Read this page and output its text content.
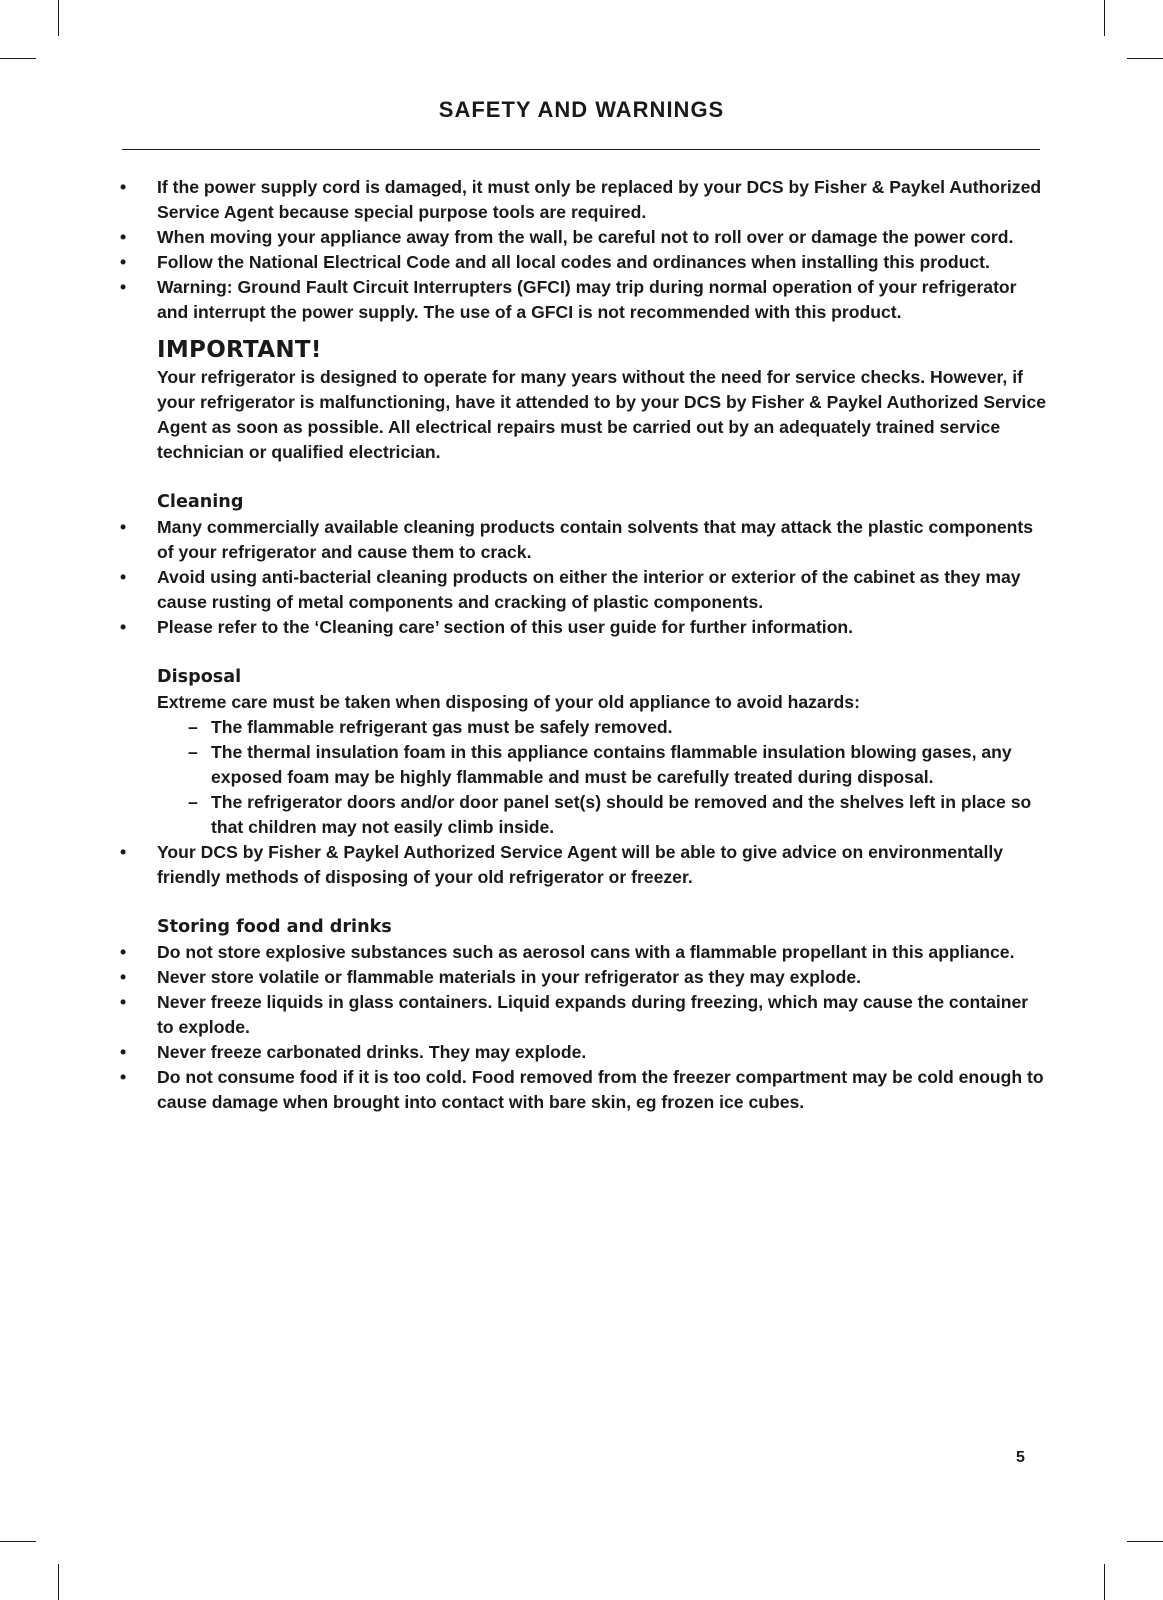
SAFETY AND WARNINGS
• If the power supply cord is damaged, it must only be replaced by your DCS by Fisher & Paykel Authorized Service Agent because special purpose tools are required.
• When moving your appliance away from the wall, be careful not to roll over or damage the power cord.
• Follow the National Electrical Code and all local codes and ordinances when installing this product.
• Warning: Ground Fault Circuit Interrupters (GFCI) may trip during normal operation of your refrigerator and interrupt the power supply. The use of a GFCI is not recommended with this product.
IMPORTANT!
Your refrigerator is designed to operate for many years without the need for service checks. However, if your refrigerator is malfunctioning, have it attended to by your DCS by Fisher & Paykel Authorized Service Agent as soon as possible. All electrical repairs must be carried out by an adequately trained service technician or qualified electrician.
Cleaning
• Many commercially available cleaning products contain solvents that may attack the plastic components of your refrigerator and cause them to crack.
• Avoid using anti-bacterial cleaning products on either the interior or exterior of the cabinet as they may cause rusting of metal components and cracking of plastic components.
• Please refer to the ‘Cleaning care’ section of this user guide for further information.
Disposal
Extreme care must be taken when disposing of your old appliance to avoid hazards:
– The flammable refrigerant gas must be safely removed.
– The thermal insulation foam in this appliance contains flammable insulation blowing gases, any exposed foam may be highly flammable and must be carefully treated during disposal.
– The refrigerator doors and/or door panel set(s) should be removed and the shelves left in place so that children may not easily climb inside.
• Your DCS by Fisher & Paykel Authorized Service Agent will be able to give advice on environmentally friendly methods of disposing of your old refrigerator or freezer.
Storing food and drinks
• Do not store explosive substances such as aerosol cans with a flammable propellant in this appliance.
• Never store volatile or flammable materials in your refrigerator as they may explode.
• Never freeze liquids in glass containers. Liquid expands during freezing, which may cause the container to explode.
• Never freeze carbonated drinks. They may explode.
• Do not consume food if it is too cold. Food removed from the freezer compartment may be cold enough to cause damage when brought into contact with bare skin, eg frozen ice cubes.
5
